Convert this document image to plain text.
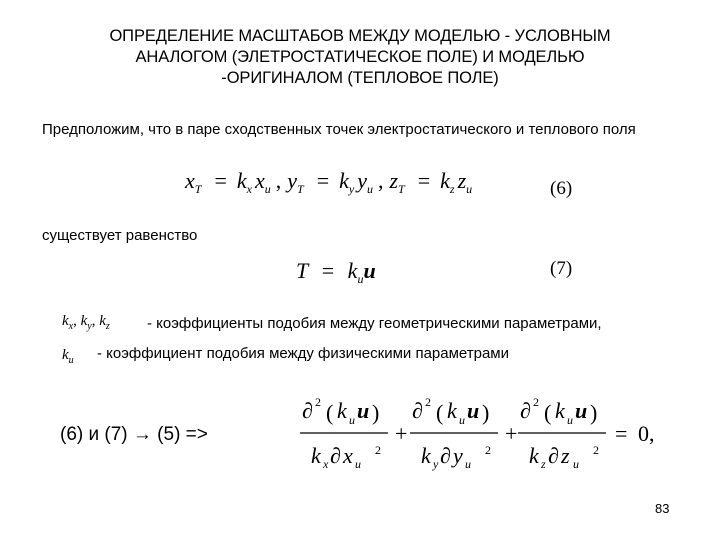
ОПРЕДЕЛЕНИЕ МАСШТАБОВ МЕЖДУ МОДЕЛЬЮ - УСЛОВНЫМ
АНАЛОГОМ (ЭЛЕТРОСТАТИЧЕСКОЕ ПОЛЕ) И МОДЕЛЬЮ
-ОРИГИНАЛОМ (ТЕПЛОВОЕ ПОЛЕ)
Предположим, что в паре сходственных точек электростатического и теплового поля
$x_T = k_x$ $x_u$ , $y_T = k_y$ $y_u$ , $z_T = k_z$ $z_u$	(6)
существует равенство
$T = k_uu$	(7)
$k_x$, $k_y$, $k_z$ - коэффициенты подобия между геометрическими параметрами,
$k_u$ - коэффициент подобия между физическими параметрами
(6) и (7) → (5) =>
∂ 2 ( k u u )
k x ∂ x u
2
+
∂ 2 ( k u u )
k y ∂ y u
2
+
∂ 2 ( k u u )
k z ∂ z u
2
= 0,
83
